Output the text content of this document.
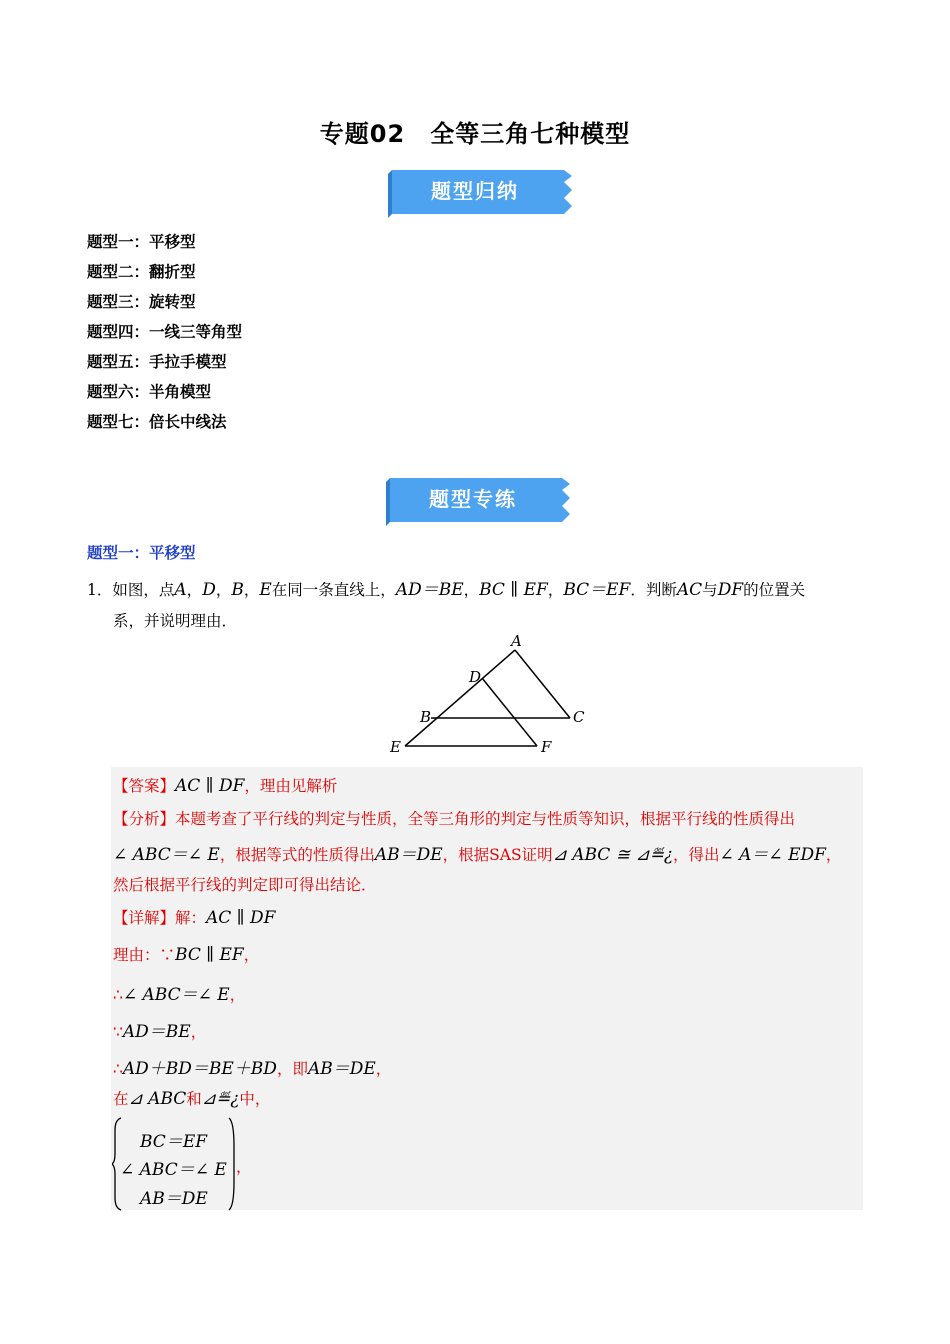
专题02　全等三角七种模型
题型归纳
题型一：平移型
题型二：翻折型
题型三：旋转型
题型四：一线三等角型
题型五：手拉手模型
题型六：半角模型
题型七：倍长中线法
题型专练
题型一：平移型
1．如图，点A，D，B，E在同一条直线上，AD＝BE，BC ∥ EF，BC＝EF．判断AC与DF的位置关
系，并说明理由．
A
D
B	C
E	F
【答案】AC ∥ DF，理由见解析
【分析】本题考查了平行线的判定与性质，全等三角形的判定与性质等知识，根据平行线的性质得出
∠ ABC＝∠ E，根据等式的性质得出AB＝DE，根据SAS证明⊿ ABC ≅ ⊿≝¿，得出∠ A＝∠ EDF，
然后根据平行线的判定即可得出结论．
【详解】解：AC ∥ DF
理由：∵BC ∥ EF，
∴∠ ABC＝∠ E，
∵AD＝BE，
∴AD＋BD＝BE＋BD，即AB＝DE，
在⊿ ABC和⊿≝¿中，
BC＝EF
∠ ABC＝∠ E
AB＝DE
，
